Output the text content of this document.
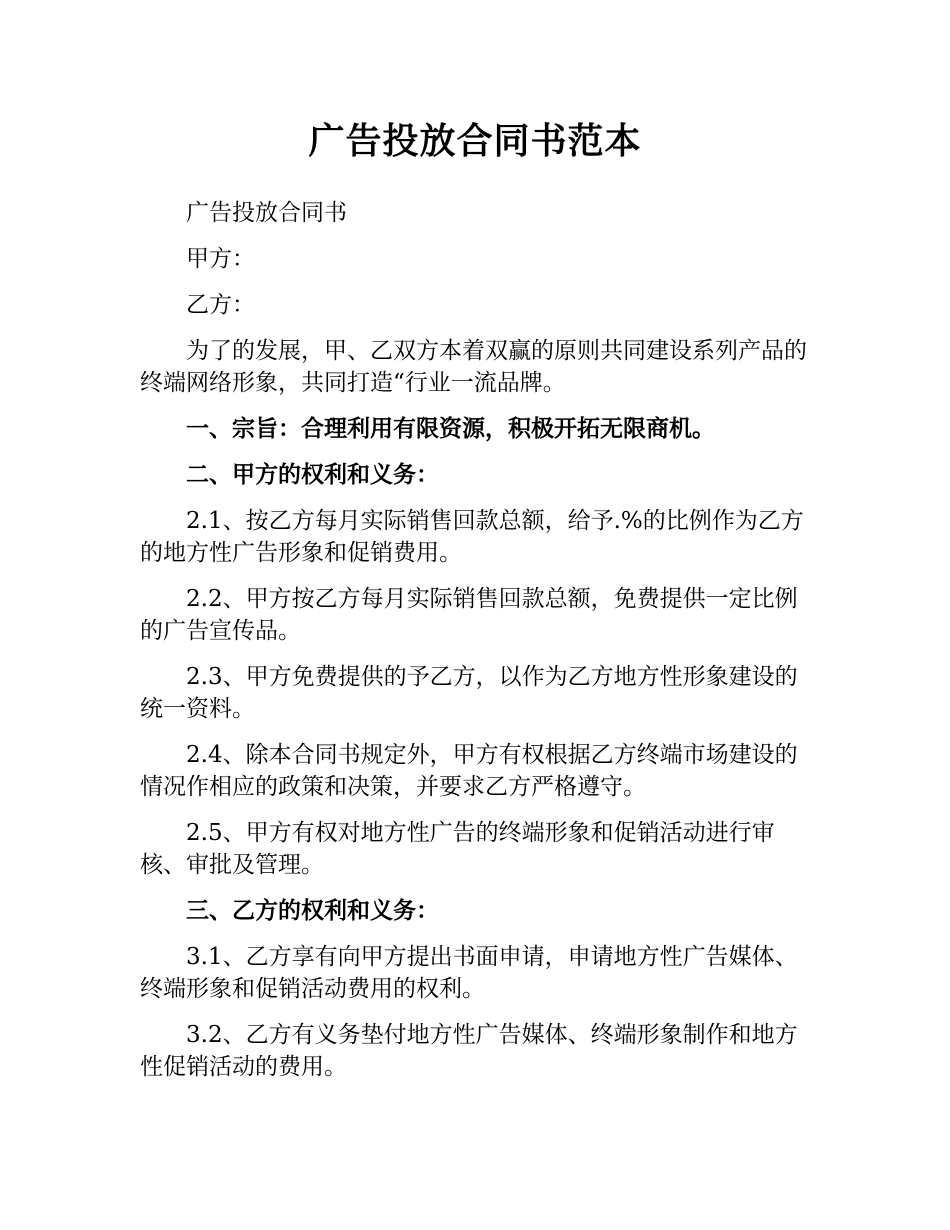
广告投放合同书范本

广告投放合同书

甲方：

乙方：

为了的发展，甲、乙双方本着双赢的原则共同建设系列产品的终端网络形象，共同打造“行业一流品牌。

一、宗旨：合理利用有限资源，积极开拓无限商机。

二、甲方的权利和义务：

2.1、按乙方每月实际销售回款总额，给予.%的比例作为乙方的地方性广告形象和促销费用。

2.2、甲方按乙方每月实际销售回款总额，免费提供一定比例的广告宣传品。

2.3、甲方免费提供的予乙方，以作为乙方地方性形象建设的统一资料。

2.4、除本合同书规定外，甲方有权根据乙方终端市场建设的情况作相应的政策和决策，并要求乙方严格遵守。

2.5、甲方有权对地方性广告的终端形象和促销活动进行审核、审批及管理。

三、乙方的权利和义务：

3.1、乙方享有向甲方提出书面申请，申请地方性广告媒体、终端形象和促销活动费用的权利。

3.2、乙方有义务垫付地方性广告媒体、终端形象制作和地方性促销活动的费用。
